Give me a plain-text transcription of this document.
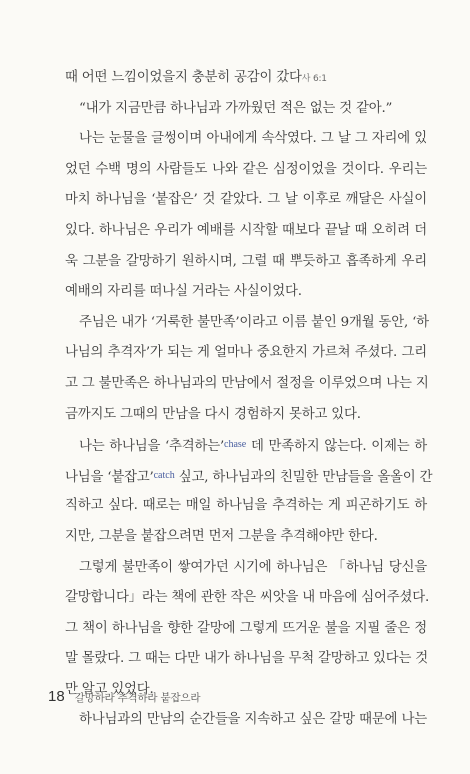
때 어떤 느낌이었을지 충분히 공감이 갔다사 6:1
“내가 지금만큼 하나님과 가까웠던 적은 없는 것 같아.”
나는 눈물을 글썽이며 아내에게 속삭였다. 그 날 그 자리에 있
었던 수백 명의 사람들도 나와 같은 심정이었을 것이다. 우리는
마치 하나님을 ‘붙잡은’ 것 같았다. 그 날 이후로 깨달은 사실이
있다. 하나님은 우리가 예배를 시작할 때보다 끝날 때 오히려 더
욱 그분을 갈망하기 원하시며, 그럴 때 뿌듯하고 흡족하게 우리
예배의 자리를 떠나실 거라는 사실이었다.
주님은 내가 ‘거룩한 불만족’이라고 이름 붙인 9개월 동안, ‘하
나님의 추격자’가 되는 게 얼마나 중요한지 가르쳐 주셨다. 그리
고 그 불만족은 하나님과의 만남에서 절정을 이루었으며 나는 지
금까지도 그때의 만남을 다시 경험하지 못하고 있다.
나는 하나님을 ‘추격하는’$^{chase}$ 데 만족하지 않는다. 이제는 하
나님을 ‘붙잡고’$^{catch}$ 싶고, 하나님과의 친밀한 만남들을 올올이 간
직하고 싶다. 때로는 매일 하나님을 추격하는 게 피곤하기도 하
지만, 그분을 붙잡으려면 먼저 그분을 추격해야만 한다.
그렇게 불만족이 쌓여가던 시기에 하나님은 「하나님 당신을
갈망합니다」라는 책에 관한 작은 씨앗을 내 마음에 심어주셨다.
그 책이 하나님을 향한 갈망에 그렇게 뜨거운 불을 지필 줄은 정
말 몰랐다. 그 때는 다만 내가 하나님을 무척 갈망하고 있다는 것
만 알고 있었다.
하나님과의 만남의 순간들을 지속하고 싶은 갈망 때문에 나는
18 갈망하라 추격하라 붙잡으라
